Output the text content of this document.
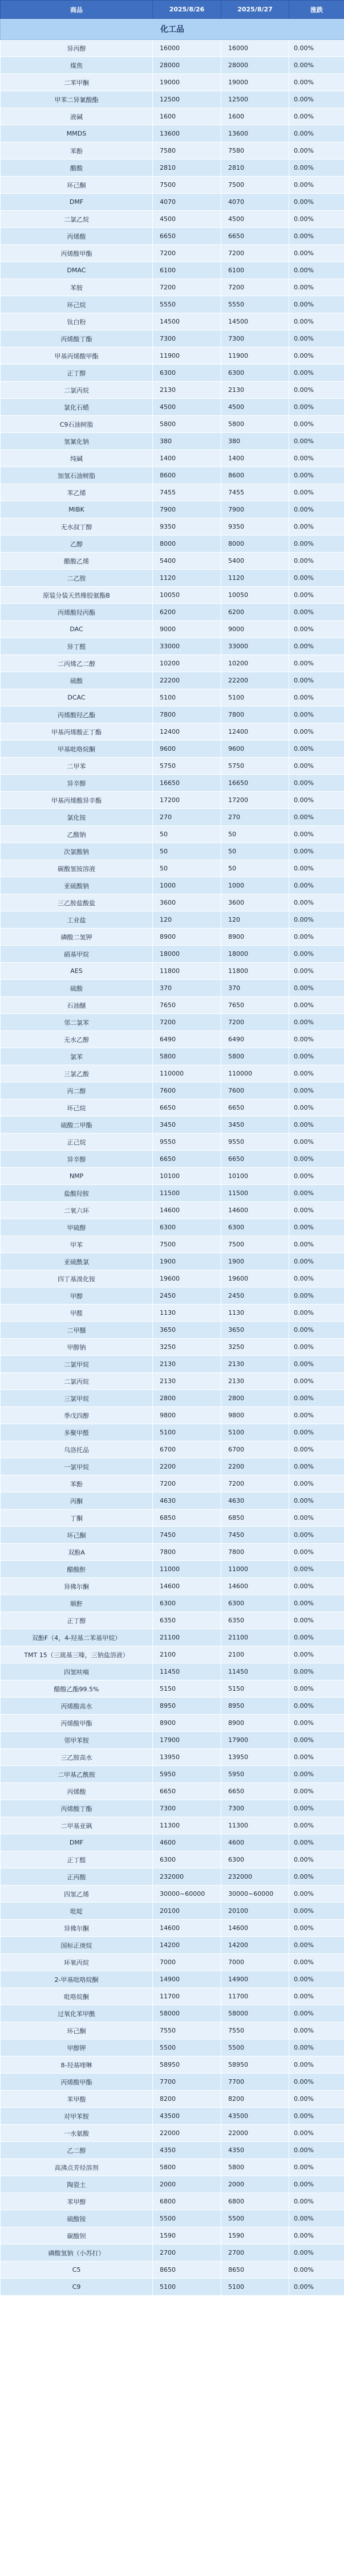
商品	2025/8/26	2025/8/27	涨跌
化工品			
异丙醇	16000	16000	0.00%
煤焦	28000	28000	0.00%
二苯甲酮	19000	19000	0.00%
甲苯二异氰酸酯	12500	12500	0.00%
液碱	1600	1600	0.00%
MMDS	13600	13600	0.00%
苯酚	7580	7580	0.00%
醋酸	2810	2810	0.00%
环己酮	7500	7500	0.00%
DMF	4070	4070	0.00%
二氯乙烷	4500	4500	0.00%
丙烯酸	6650	6650	0.00%
丙烯酸甲酯	7200	7200	0.00%
DMAC	6100	6100	0.00%
苯胺	7200	7200	0.00%
环己烷	5550	5550	0.00%
钛白粉	14500	14500	0.00%
丙烯酸丁酯	7300	7300	0.00%
甲基丙烯酸甲酯	11900	11900	0.00%
正丁醇	6300	6300	0.00%
二氯丙烷	2130	2130	0.00%
氯化石蜡	4500	4500	0.00%
C9石油树脂	5800	5800	0.00%
氢氰化钠	380	380	0.00%
纯碱	1400	1400	0.00%
加氢石油树脂	8600	8600	0.00%
苯乙烯	7455	7455	0.00%
MIBK	7900	7900	0.00%
无水叔丁醇	9350	9350	0.00%
乙醇	8000	8000	0.00%
醋酸乙烯	5400	5400	0.00%
二乙胺	1120	1120	0.00%
原装分装天然橡胶氨酯B	10050	10050	0.00%
丙烯酸羟丙酯	6200	6200	0.00%
DAC	9000	9000	0.00%
异丁醛	33000	33000	0.00%
二丙烯乙二醇	10200	10200	0.00%
硫酸	22200	22200	0.00%
DCAC	5100	5100	0.00%
丙烯酸羟乙酯	7800	7800	0.00%
甲基丙烯酸正丁酯	12400	12400	0.00%
甲基吡咯烷酮	9600	9600	0.00%
二甲苯	5750	5750	0.00%
异辛醇	16650	16650	0.00%
甲基丙烯酸异辛酯	17200	17200	0.00%
氯化铵	270	270	0.00%
乙酸钠	50	50	0.00%
次氯酸钠	50	50	0.00%
碳酸氢铵溶液	50	50	0.00%
亚硫酸钠	1000	1000	0.00%
三乙胺盐酸盐	3600	3600	0.00%
工业盐	120	120	0.00%
磷酸二氢钾	8900	8900	0.00%
硝基甲烷	18000	18000	0.00%
AES	11800	11800	0.00%
硫酸	370	370	0.00%
石油醚	7650	7650	0.00%
邻二氯苯	7200	7200	0.00%
无水乙醇	6490	6490	0.00%
氯苯	5800	5800	0.00%
三氯乙酸	110000	110000	0.00%
丙二醇	7600	7600	0.00%
环己烷	6650	6650	0.00%
硫酸二甲酯	3450	3450	0.00%
正己烷	9550	9550	0.00%
异辛醇	6650	6650	0.00%
NMP	10100	10100	0.00%
盐酸羟胺	11500	11500	0.00%
二氧六环	14600	14600	0.00%
甲硫醇	6300	6300	0.00%
甲苯	7500	7500	0.00%
亚硫酰氯	1900	1900	0.00%
四丁基溴化铵	19600	19600	0.00%
甲醇	2450	2450	0.00%
甲醛	1130	1130	0.00%
二甲醚	3650	3650	0.00%
甲醇钠	3250	3250	0.00%
二氯甲烷	2130	2130	0.00%
二氯丙烷	2130	2130	0.00%
三氯甲烷	2800	2800	0.00%
季戊四醇	9800	9800	0.00%
多聚甲醛	5100	5100	0.00%
乌洛托品	6700	6700	0.00%
一氯甲烷	2200	2200	0.00%
苯酚	7200	7200	0.00%
丙酮	4630	4630	0.00%
丁酮	6850	6850	0.00%
环己酮	7450	7450	0.00%
双酚A	7800	7800	0.00%
醋酸酐	11000	11000	0.00%
异佛尔酮	14600	14600	0.00%
顺酐	6300	6300	0.00%
正丁醇	6350	6350	0.00%
双酚F（4，4-羟基二苯基甲烷）	21100	21100	0.00%
TMT 15（三巯基三嗪，三钠盐溶液）	2100	2100	0.00%
四氢呋喃	11450	11450	0.00%
醋酸乙酯99.5%	5150	5150	0.00%
丙烯酸高水	8950	8950	0.00%
丙烯酸甲酯	8900	8900	0.00%
邻甲苯胺	17900	17900	0.00%
三乙胺高水	13950	13950	0.00%
二甲基乙酰胺	5950	5950	0.00%
丙烯酸	6650	6650	0.00%
丙烯酸丁酯	7300	7300	0.00%
二甲基亚砜	11300	11300	0.00%
DMF	4600	4600	0.00%
正丁醛	6300	6300	0.00%
正丙酸	232000	232000	0.00%
四氢乙烯	30000~60000	30000~60000	0.00%
吡啶	20100	20100	0.00%
异佛尔酮	14600	14600	0.00%
国标正庚烷	14200	14200	0.00%
环氧丙烷	7000	7000	0.00%
2-甲基吡咯烷酮	14900	14900	0.00%
吡咯烷酮	11700	11700	0.00%
过氧化苯甲酰	58000	58000	0.00%
环己酮	7550	7550	0.00%
甲醇钾	5500	5500	0.00%
8-羟基喹啉	58950	58950	0.00%
丙烯酸甲酯	7700	7700	0.00%
苯甲酸	8200	8200	0.00%
对甲苯胺	43500	43500	0.00%
一水氨酸	22000	22000	0.00%
乙二醇	4350	4350	0.00%
高沸点芳烃溶剂	5800	5800	0.00%
陶瓷土	2000	2000	0.00%
苯甲醇	6800	6800	0.00%
硫酸铵	5500	5500	0.00%
碳酸钡	1590	1590	0.00%
磷酸氢钠（小苏打）	2700	2700	0.00%
C5	8650	8650	0.00%
C9	5100	5100	0.00%
